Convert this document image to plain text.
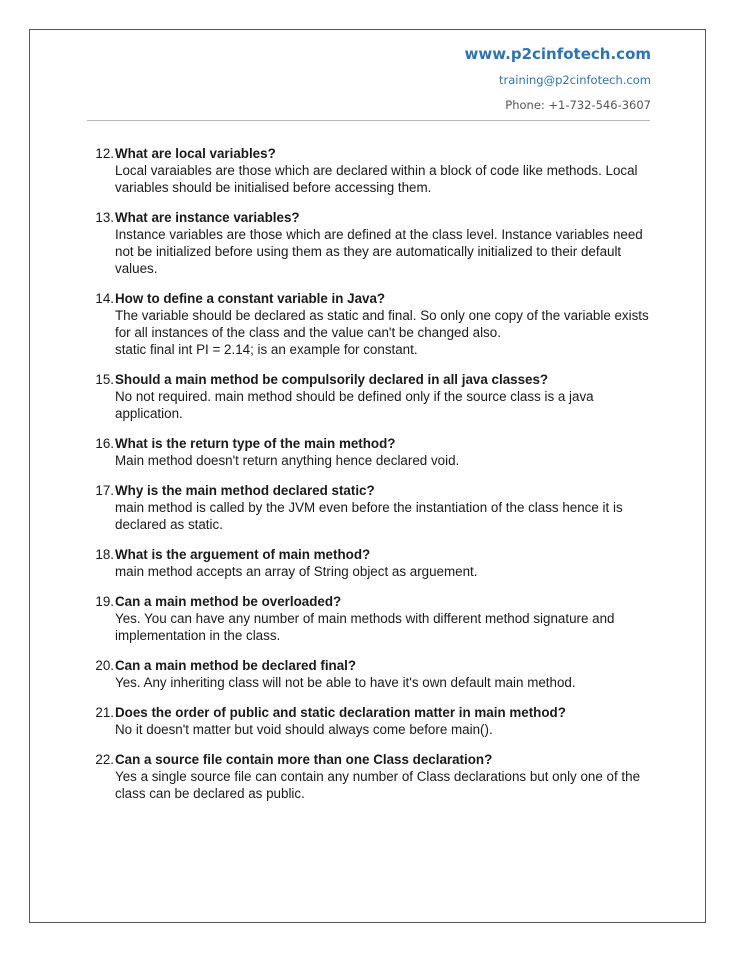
www.p2cinfotech.com
training@p2cinfotech.com
Phone: +1-732-546-3607
12. What are local variables?
Local varaiables are those which are declared within a block of code like methods. Local variables should be initialised before accessing them.
13. What are instance variables?
Instance variables are those which are defined at the class level. Instance variables need not be initialized before using them as they are automatically initialized to their default values.
14. How to define a constant variable in Java?
The variable should be declared as static and final. So only one copy of the variable exists for all instances of the class and the value can't be changed also.
static final int PI = 2.14; is an example for constant.
15. Should a main method be compulsorily declared in all java classes?
No not required. main method should be defined only if the source class is a java application.
16. What is the return type of the main method?
Main method doesn't return anything hence declared void.
17. Why is the main method declared static?
main method is called by the JVM even before the instantiation of the class hence it is declared as static.
18. What is the arguement of main method?
main method accepts an array of String object as arguement.
19. Can a main method be overloaded?
Yes. You can have any number of main methods with different method signature and implementation in the class.
20. Can a main method be declared final?
Yes. Any inheriting class will not be able to have it's own default main method.
21. Does the order of public and static declaration matter in main method?
No it doesn't matter but void should always come before main().
22. Can a source file contain more than one Class declaration?
Yes a single source file can contain any number of Class declarations but only one of the class can be declared as public.
